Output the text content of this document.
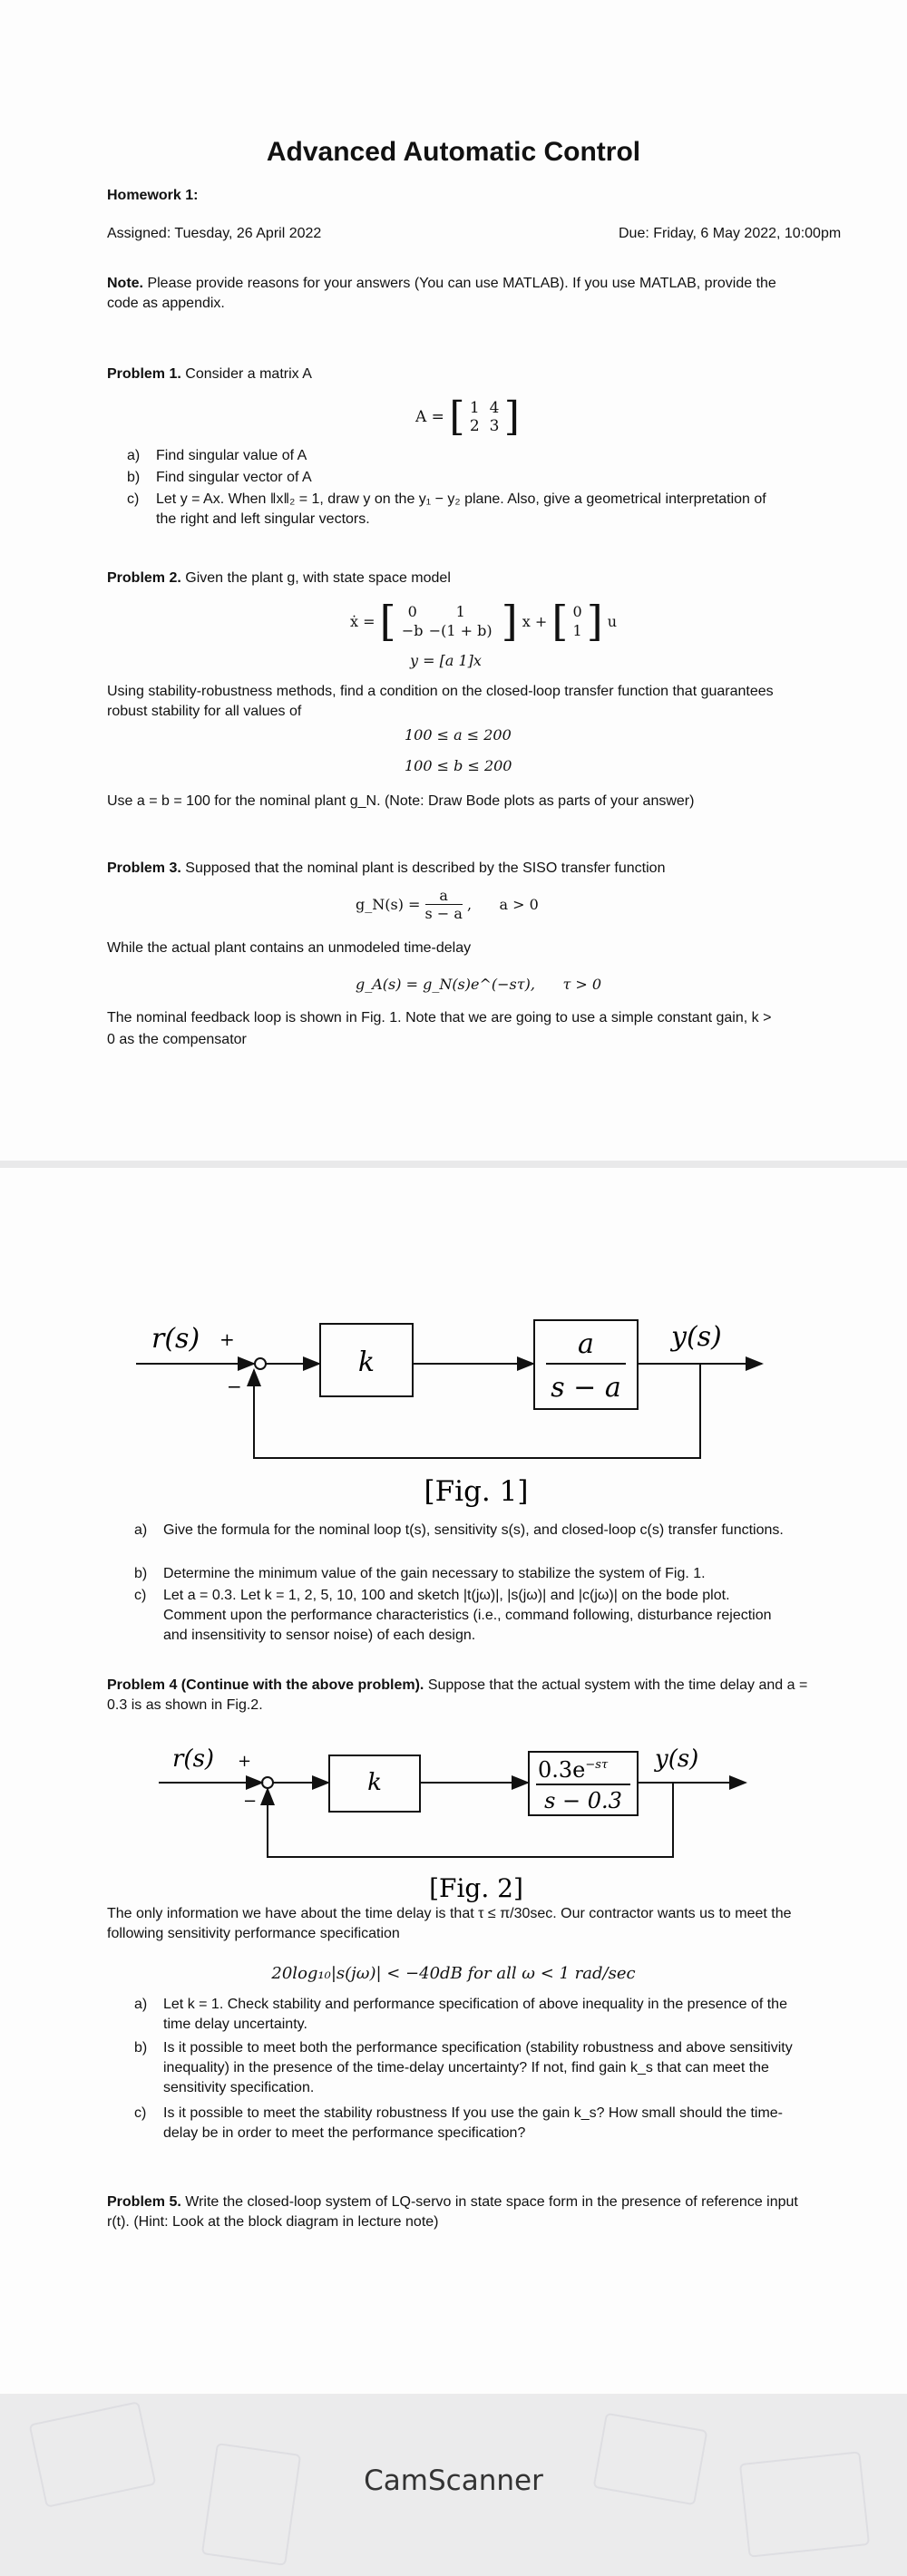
Advanced Automatic Control
Homework 1:
Assigned: Tuesday, 26 April 2022	Due: Friday, 6 May 2022, 10:00pm
Note. Please provide reasons for your answers (You can use MATLAB). If you use MATLAB, provide the code as appendix.
Problem 1. Consider a matrix A
A = [ 1 4
2 3 ]
a)	Find singular value of A
b)	Find singular vector of A
c)	Let y = Ax. When ‖x‖₂ = 1, draw y on the y₁ − y₂ plane. Also, give a geometrical interpretation of the right and left singular vectors.
Problem 2. Given the plant g, with state space model
ẋ = [ 0	1
−b −(1 + b) ] x + [ 0
1 ] u
y = [a 1]x
Using stability-robustness methods, find a condition on the closed-loop transfer function that guarantees robust stability for all values of
100 ≤ a ≤ 200
100 ≤ b ≤ 200
Use a = b = 100 for the nominal plant g_N. (Note: Draw Bode plots as parts of your answer)
Problem 3. Supposed that the nominal plant is described by the SISO transfer function
g_N(s) = $\frac{a}{s - a}$ ,      a > 0
While the actual plant contains an unmodeled time-delay
g_A(s) = g_N(s)e^(−sτ),      τ > 0
The nominal feedback loop is shown in Fig. 1. Note that we are going to use a simple constant gain, k >
0 as the compensator
r(s) +
−
k
a
s − a
y(s)
[Fig. 1]
a)	Give the formula for the nominal loop t(s), sensitivity s(s), and closed-loop c(s) transfer functions.
b)	Determine the minimum value of the gain necessary to stabilize the system of Fig. 1.
c)	Let a = 0.3. Let k = 1, 2, 5, 10, 100 and sketch |t(jω)|, |s(jω)| and |c(jω)| on the bode plot. Comment upon the performance characteristics (i.e., command following, disturbance rejection and insensitivity to sensor noise) of each design.
Problem 4 (Continue with the above problem). Suppose that the actual system with the time delay and a = 0.3 is as shown in Fig.2.
r(s) +
−
k	$0.3e^{-s\tau}$
s − 0.3
y(s)
[Fig. 2]
The only information we have about the time delay is that τ ≤ π/30sec. Our contractor wants us to meet the following sensitivity performance specification
20log₁₀|s(jω)| < −40dB for all ω < 1 rad/sec
a)	Let k = 1. Check stability and performance specification of above inequality in the presence of the time delay uncertainty.
b)	Is it possible to meet both the performance specification (stability robustness and above sensitivity inequality) in the presence of the time-delay uncertainty? If not, find gain k_s that can meet the sensitivity specification.
c)	Is it possible to meet the stability robustness If you use the gain k_s? How small should the time-delay be in order to meet the performance specification?
Problem 5. Write the closed-loop system of LQ-servo in state space form in the presence of reference input r(t). (Hint: Look at the block diagram in lecture note)
CamScanner
